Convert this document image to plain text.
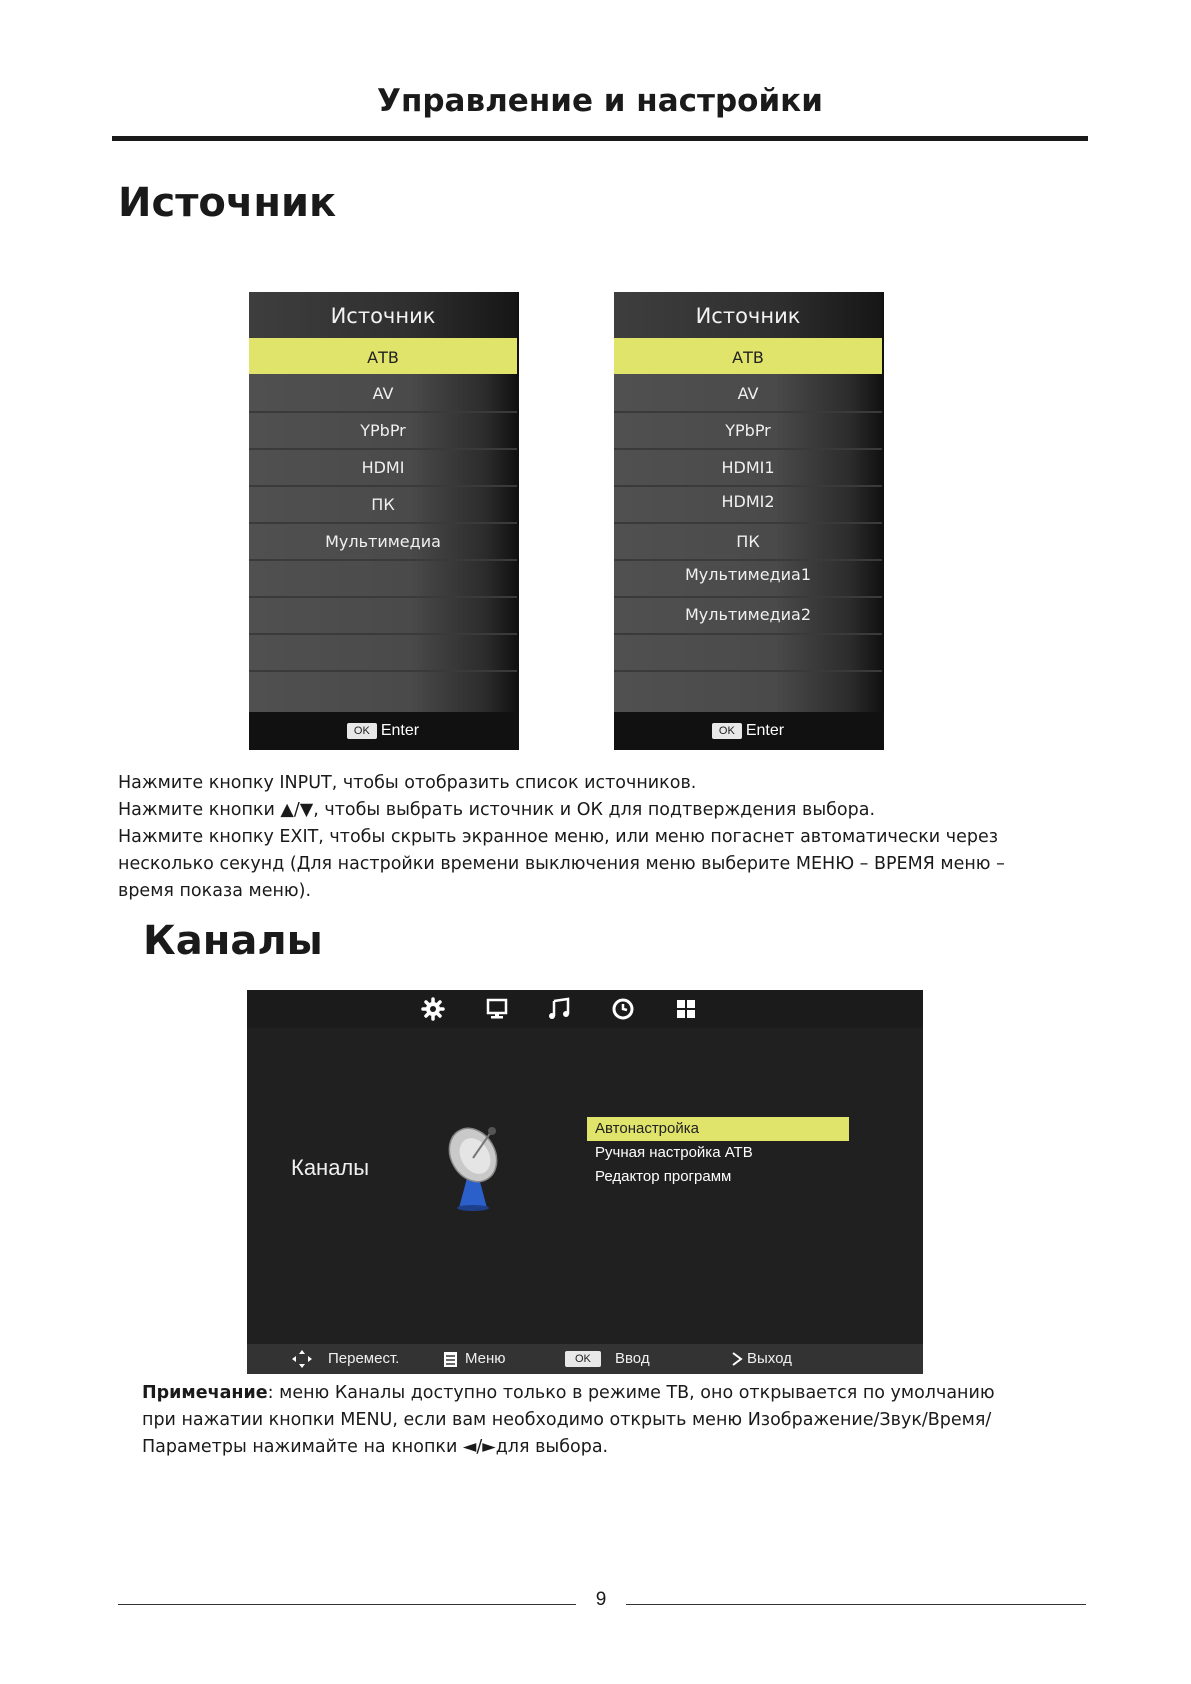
Управление и настройки
Источник
Источник
АТВ
AV
YPbPr
HDMI
ПК
Мультимедиа
OK Enter
Источник
АТВ
AV
YPbPr
HDMI1
HDMI2
ПК
Мультимедиа1
Мультимедиа2
OK Enter
Нажмите кнопку INPUT, чтобы отобразить список источников.
Нажмите кнопки ▲/▼, чтобы выбрать источник и ОК для подтверждения выбора.
Нажмите кнопку EXIT, чтобы скрыть экранное меню, или меню погаснет автоматически через
несколько секунд (Для настройки времени выключения меню выберите МЕНЮ – ВРЕМЯ меню –
время показа меню).
Каналы
Каналы
Автонастройка
Ручная настройка АТВ
Редактор программ
Перемест.	Меню	OK	Ввод	Выход
Примечание: меню Каналы доступно только в режиме ТВ, оно открывается по умолчанию
при нажатии кнопки MENU, если вам необходимо открыть меню Изображение/Звук/Время/
Параметры нажимайте на кнопки ◄/►для выбора.
9
